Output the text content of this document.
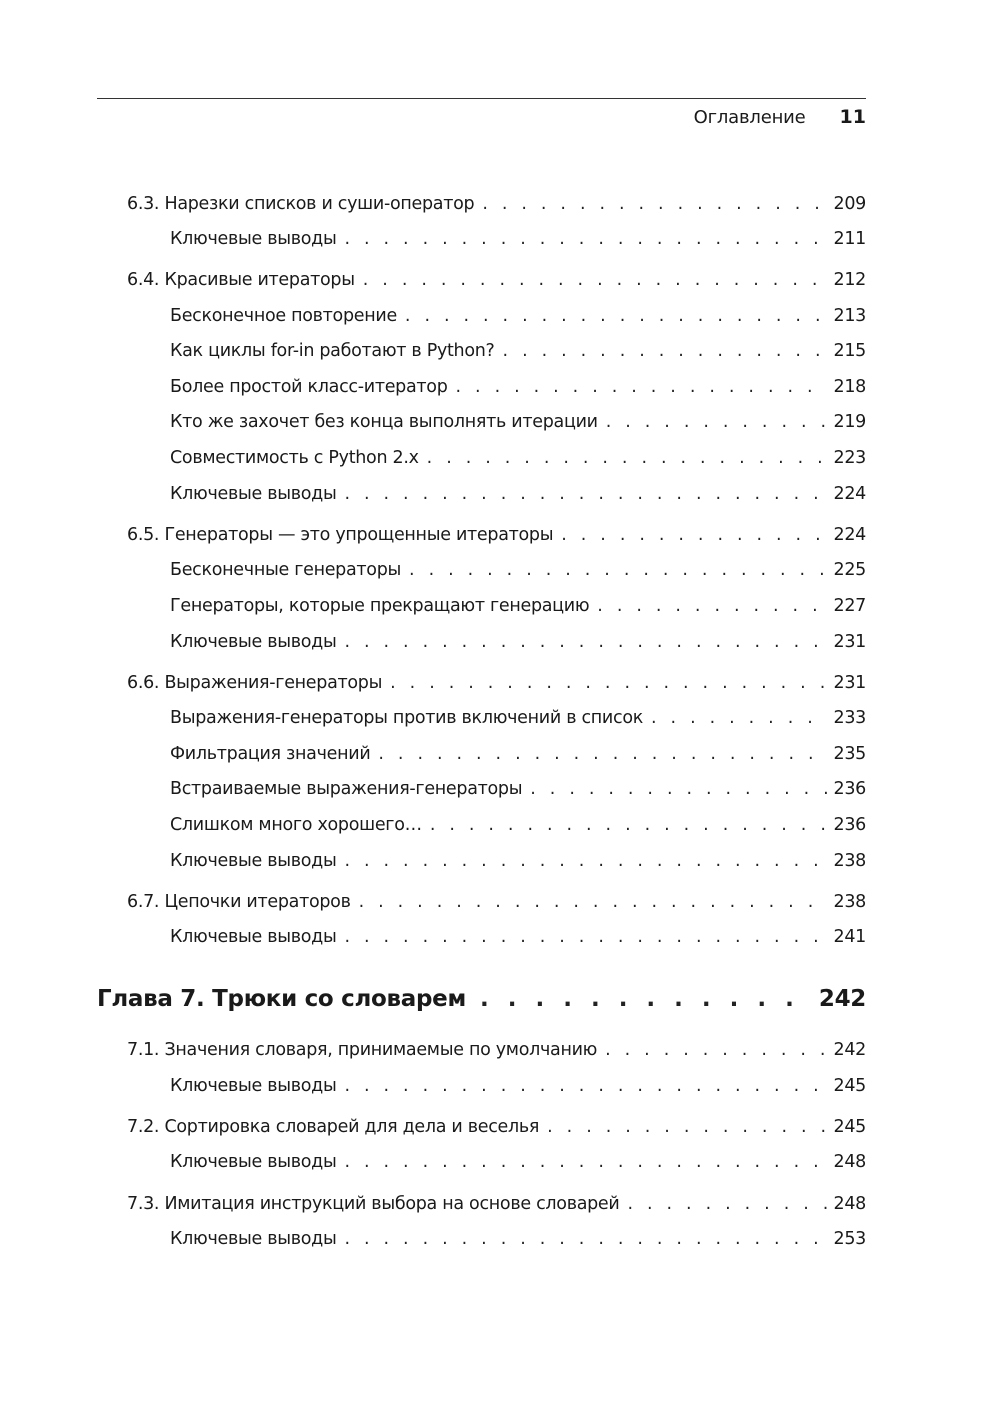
Оглавление 11
6.3. Нарезки списков и суши-оператор . . .	209
Ключевые выводы . . .	211
6.4. Красивые итераторы . . .	212
Бесконечное повторение . . .	213
Как циклы for-in работают в Python? . . .	215
Более простой класс-итератор . . .	218
Кто же захочет без конца выполнять итерации . . .	219
Совместимость с Python 2.x . . .	223
Ключевые выводы . . .	224
6.5. Генераторы — это упрощенные итераторы . . .	224
Бесконечные генераторы . . .	225
Генераторы, которые прекращают генерацию . . .	227
Ключевые выводы . . .	231
6.6. Выражения-генераторы . . .	231
Выражения-генераторы против включений в список . . .	233
Фильтрация значений . . .	235
Встраиваемые выражения-генераторы . . .	236
Слишком много хорошего… . . .	236
Ключевые выводы . . .	238
6.7. Цепочки итераторов . . .	238
Ключевые выводы . . .	241
Глава 7. Трюки со словарем . . .	242
7.1. Значения словаря, принимаемые по умолчанию . . .	242
Ключевые выводы . . .	245
7.2. Сортировка словарей для дела и веселья . . .	245
Ключевые выводы . . .	248
7.3. Имитация инструкций выбора на основе словарей . . .	248
Ключевые выводы . . .	253
